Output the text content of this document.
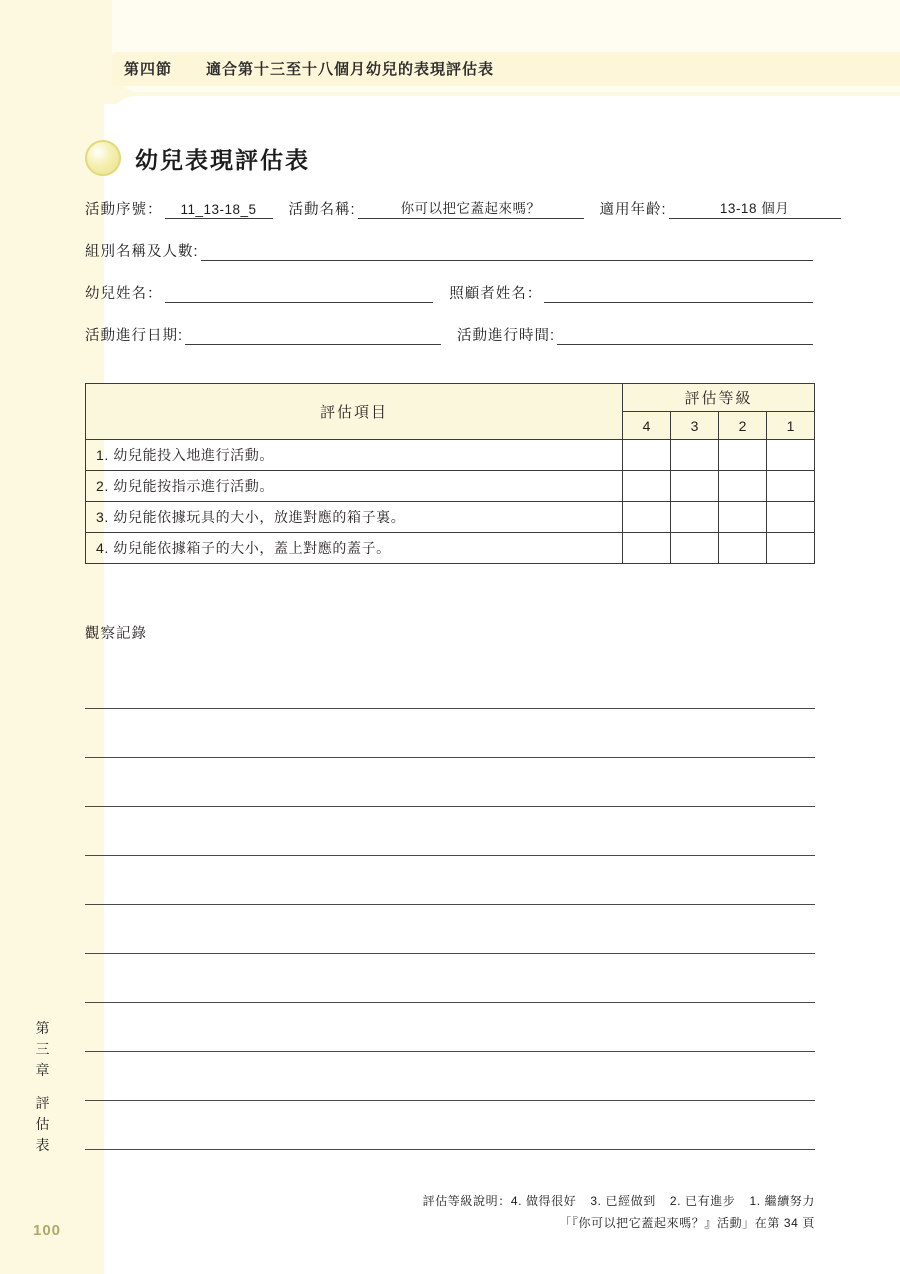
第四節 適合第十三至十八個月幼兒的表現評估表
幼兒表現評估表
活動序號：	11_13-18_5	活動名稱:	你可以把它蓋起來嗎？	適用年齡:	13-18 個月
組別名稱及人數:
幼兒姓名：	照顧者姓名：
活動進行日期:	活動進行時間:
評估項目	評估等級			
	4	3	2	1
1. 幼兒能投入地進行活動。				
2. 幼兒能按指示進行活動。				
3. 幼兒能依據玩具的大小，放進對應的箱子裏。				
4. 幼兒能依據箱子的大小，蓋上對應的蓋子。				
觀察記錄
第三章
評估表
評估等級說明：4. 做得很好 3. 已經做到 2. 已有進步 1. 繼續努力
「『你可以把它蓋起來嗎？』活動」在第 34 頁
100
